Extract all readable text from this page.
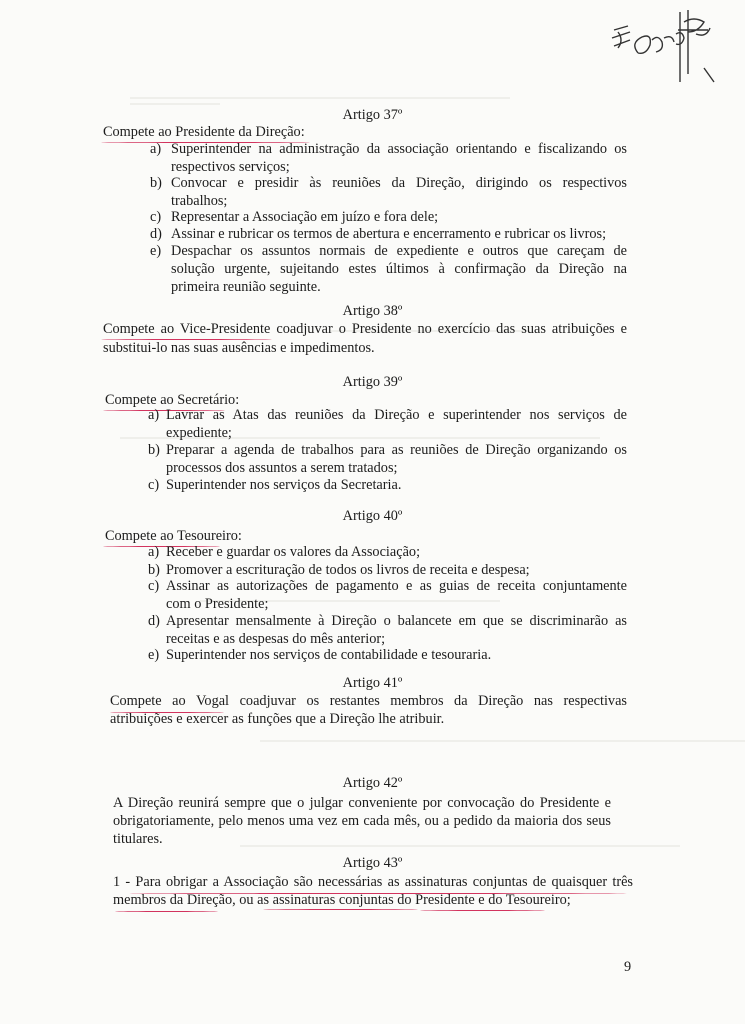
Artigo 37º
Compete ao Presidente da Direção:
a) Superintender na administração da associação orientando e fiscalizando os
respectivos serviços;
b) Convocar e presidir às reuniões da Direção, dirigindo os respectivos
trabalhos;
c) Representar a Associação em juízo e fora dele;
d) Assinar e rubricar os termos de abertura e encerramento e rubricar os livros;
e) Despachar os assuntos normais de expediente e outros que careçam de
solução urgente, sujeitando estes últimos à confirmação da Direção na
primeira reunião seguinte.
Artigo 38º
Compete ao Vice-Presidente coadjuvar o Presidente no exercício das suas atribuições e
substitui-lo nas suas ausências e impedimentos.
Artigo 39º
Compete ao Secretário:
a) Lavrar as Atas das reuniões da Direção e superintender nos serviços de
expediente;
b) Preparar a agenda de trabalhos para as reuniões de Direção organizando os
processos dos assuntos a serem tratados;
c) Superintender nos serviços da Secretaria.
Artigo 40º
Compete ao Tesoureiro:
a) Receber e guardar os valores da Associação;
b) Promover a escrituração de todos os livros de receita e despesa;
c) Assinar as autorizações de pagamento e as guias de receita conjuntamente
com o Presidente;
d) Apresentar mensalmente à Direção o balancete em que se discriminarão as
receitas e as despesas do mês anterior;
e) Superintender nos serviços de contabilidade e tesouraria.
Artigo 41º
Compete ao Vogal coadjuvar os restantes membros da Direção nas respectivas
atribuições e exercer as funções que a Direção lhe atribuir.
Artigo 42º
A Direção reunirá sempre que o julgar conveniente por convocação do Presidente e
obrigatoriamente, pelo menos uma vez em cada mês, ou a pedido da maioria dos seus
titulares.
Artigo 43º
1 - Para obrigar a Associação são necessárias as assinaturas conjuntas de quaisquer três
membros da Direção, ou as assinaturas conjuntas do Presidente e do Tesoureiro;
9
